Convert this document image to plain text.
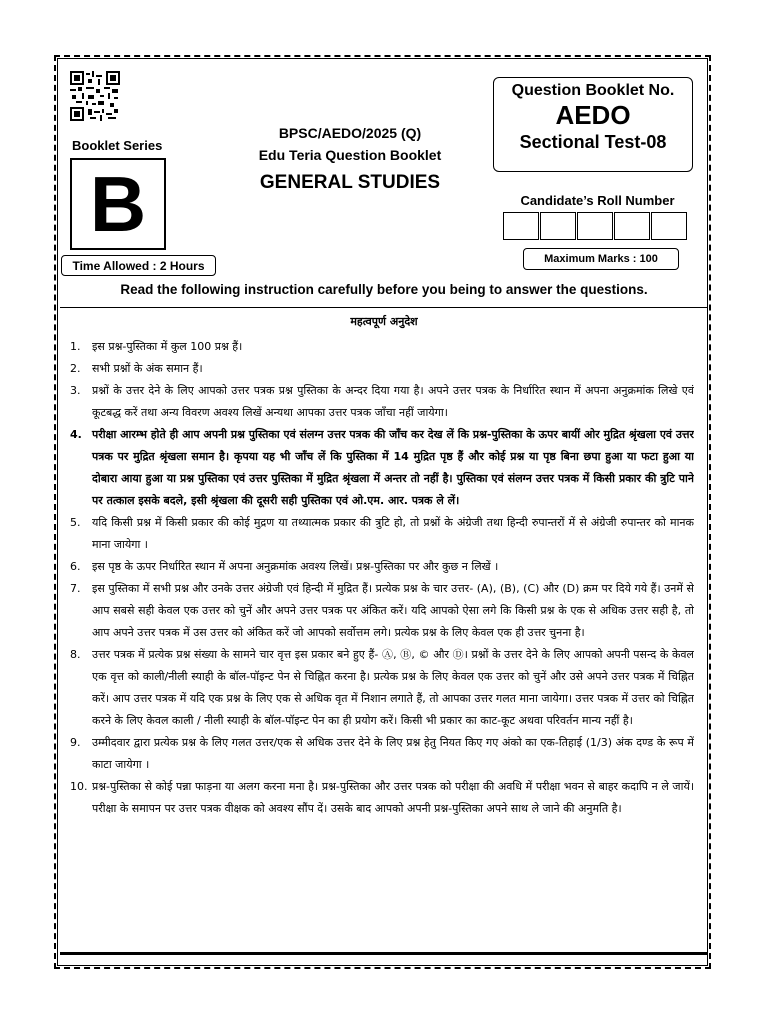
Booklet Series
B
Time Allowed : 2 Hours
BPSC/AEDO/2025 (Q)
Edu Teria Question Booklet
GENERAL STUDIES
Question Booklet No.
AEDO
Sectional Test-08
Candidate’s Roll Number
Maximum Marks : 100
Read the following instruction carefully before you being to answer the questions.
महत्वपूर्ण अनुदेश
1.	इस प्रश्न-पुस्तिका में कुल 100 प्रश्न हैं।
2.	सभी प्रश्नों के अंक समान हैं।
3.	प्रश्नों के उत्तर देने के लिए आपको उत्तर पत्रक प्रश्न पुस्तिका के अन्दर दिया गया है। अपने उत्तर पत्रक के निर्धारित स्थान में अपना अनुक्रमांक लिखे एवं कूटबद्ध करें तथा अन्य विवरण अवश्य लिखें अन्यथा आपका उत्तर पत्रक जाँचा नहीं जायेगा।
4. परीक्षा आरम्भ होते ही आप अपनी प्रश्न पुस्तिका एवं संलग्न उत्तर पत्रक की जाँच कर देख लें कि प्रश्न-पुस्तिका के ऊपर बायीं ओर मुद्रित श्रृंखला एवं उत्तर पत्रक पर मुद्रित श्रृंखला समान है। कृपया यह भी जाँच लें कि पुस्तिका में 14 मुद्रित पृष्ठ हैं और कोई प्रश्न या पृष्ठ बिना छपा हुआ या फटा हुआ या दोबारा आया हुआ या प्रश्न पुस्तिका एवं उत्तर पुस्तिका में मुद्रित श्रृंखला में अन्तर तो नहीं है। पुस्तिका एवं संलग्न उत्तर पत्रक में किसी प्रकार की त्रुटि पाने पर तत्काल इसके बदले, इसी श्रृंखला की दूसरी सही पुस्तिका एवं ओ.एम. आर. पत्रक ले लें।
5.	यदि किसी प्रश्न में किसी प्रकार की कोई मुद्रण या तथ्यात्मक प्रकार की त्रुटि हो, तो प्रश्नों के अंग्रेजी तथा हिन्दी रुपान्तरों में से अंग्रेजी रुपान्तर को मानक माना जायेगा ।
6.	इस पृष्ठ के ऊपर निर्धारित स्थान में अपना अनुक्रमांक अवश्य लिखें। प्रश्न-पुस्तिका पर और कुछ न लिखें ।
7.	इस पुस्तिका में सभी प्रश्न और उनके उत्तर अंग्रेजी एवं हिन्दी में मुद्रित हैं। प्रत्येक प्रश्न के चार उत्तर- (A), (B), (C) और (D) क्रम पर दिये गये हैं। उनमें से आप सबसे सही केवल एक उत्तर को चुनें और अपने उत्तर पत्रक पर अंकित करें। यदि आपको ऐसा लगे कि किसी प्रश्न के एक से अधिक उत्तर सही है, तो आप अपने उत्तर पत्रक में उस उत्तर को अंकित करें जो आपको सर्वोत्तम लगे। प्रत्येक प्रश्न के लिए केवल एक ही उत्तर चुनना है।
8.	उत्तर पत्रक में प्रत्येक प्रश्न संख्या के सामने चार वृत्त इस प्रकार बने हुए हैं- Ⓐ, Ⓑ, © और Ⓓ। प्रश्नों के उत्तर देने के लिए आपको अपनी पसन्द के केवल एक वृत्त को काली/नीली स्याही के बॉल-पॉइन्ट पेन से चिह्नित करना है। प्रत्येक प्रश्न के लिए केवल एक उत्तर को चुनें और उसे अपने उत्तर पत्रक में चिह्नित करें। आप उत्तर पत्रक में यदि एक प्रश्न के लिए एक से अधिक वृत में निशान लगाते हैं, तो आपका उत्तर गलत माना जायेगा। उत्तर पत्रक में उत्तर को चिह्नित करने के लिए केवल काली / नीली स्याही के बॉल-पॉइन्ट पेन का ही प्रयोग करें। किसी भी प्रकार का काट-कूट अथवा परिवर्तन मान्य नहीं है।
9.	उम्मीदवार द्वारा प्रत्येक प्रश्न के लिए गलत उत्तर/एक से अधिक उत्तर देने के लिए प्रश्न हेतु नियत किए गए अंको का एक-तिहाई (1/3) अंक दण्ड के रूप में काटा जायेगा ।
10. प्रश्न-पुस्तिका से कोई पन्ना फाड़ना या अलग करना मना है। प्रश्न-पुस्तिका और उत्तर पत्रक को परीक्षा की अवधि में परीक्षा भवन से बाहर कदापि न ले जायें। परीक्षा के समापन पर उत्तर पत्रक वीक्षक को अवश्य सौंप दें। उसके बाद आपको अपनी प्रश्न-पुस्तिका अपने साथ ले जाने की अनुमति है।
